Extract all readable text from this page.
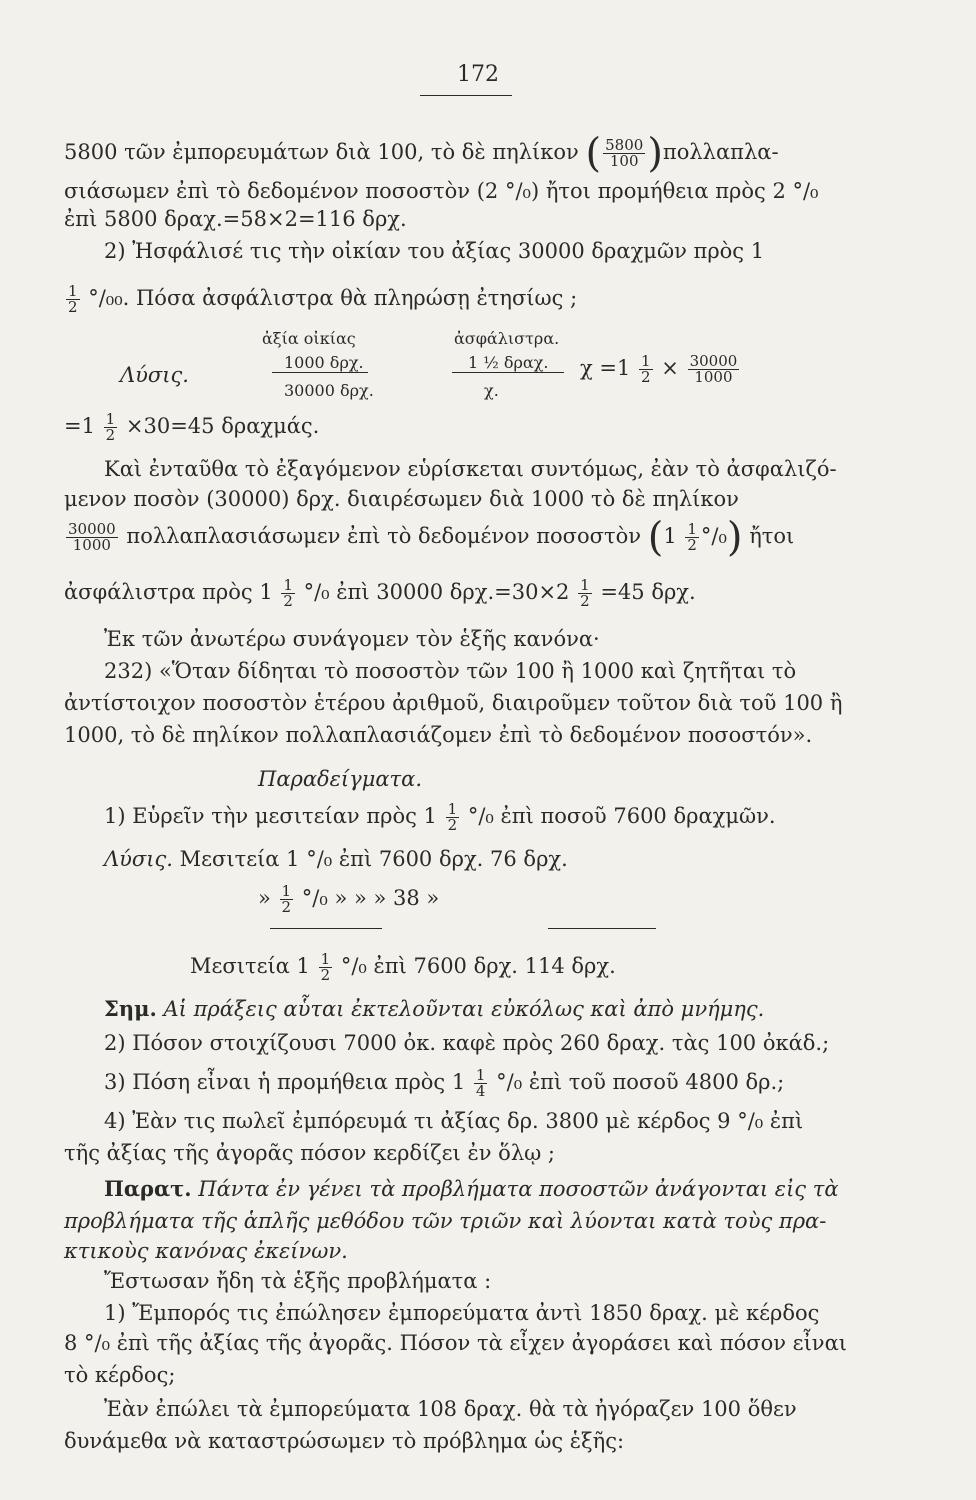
172
5800 τῶν ἐμπορευμάτων διὰ 100, τὸ δὲ πηλίκον ( $\frac{5800}{100} )\pi o\lambda\lambda\alpha\pi\lambda\alpha-$
σιάσωμεν ἐπὶ τὸ δεδομένον ποσοστὸν (2 °/₀) ἤτοι προμήθεια πρὸς 2 °/₀
ἐπὶ 5800 δραχ.=58×2=116 δρχ.
2) Ἠσφάλισέ τις τὴν οἰκίαν του ἀξίας 30000 δραχμῶν πρὸς 1
$\frac{1}{2} ^\circ/_{00}$. Πόσα ἀσφάλιστρα θὰ πληρώσῃ ἐτησίως ;
ἀξία οἰκίας	ἀσφάλιστρα.
1000 δρχ.	1 ½ δραχ.
Λύσις.
30000 δρχ.	χ.
$\chi =1 \frac{1}{2} \times \frac{30000}{1000}$
$=1 \frac{1}{2} \times 30=45$ δραχμάς.
Καὶ ἐνταῦθα τὸ ἐξαγόμενον εὑρίσκεται συντόμως, ἐὰν τὸ ἀσφαλιζό-
μενον ποσὸν (30000) δρχ. διαιρέσωμεν διὰ 1000 τὸ δὲ πηλίκον
$\frac{30000}{1000}$ πολλαπλασιάσωμεν ἐπὶ τὸ δεδομένον ποσοστὸν $(1 \frac{1}{2} ^\circ/_0)$ ἤτοι
ἀσφάλιστρα πρὸς $1 \frac{1}{2} ^\circ/_0$ ἐπὶ 30000 $\delta\rho\chi.=30\times 2 \frac{1}{2} =45$ δρχ.
Ἐκ τῶν ἀνωτέρω συνάγομεν τὸν ἑξῆς κανόνα·
232) «Ὅταν δίδηται τὸ ποσοστὸν τῶν 100 ἢ 1000 καὶ ζητῆται τὸ
ἀντίστοιχον ποσοστὸν ἑτέρου ἀριθμοῦ, διαιροῦμεν τοῦτον διὰ τοῦ 100 ἢ
1000, τὸ δὲ πηλίκον πολλαπλασιάζομεν ἐπὶ τὸ δεδομένον ποσοστόν».
Παραδείγματα.
1) Εὑρεῖν τὴν μεσιτείαν πρὸς $1 \frac{1}{2} ^\circ/_0$ ἐπὶ ποσοῦ 7600 δραχμῶν.
Λύσις. Μεσιτεία 1 °/₀ ἐπὶ 7600 δρχ. 76 δρχ.
» $\frac{1}{2} ^\circ/_0$ » » » 38 »
Μεσιτεία $1 \frac{1}{2} ^\circ/_0$ ἐπὶ 7600 δρχ. 114 δρχ.
Σημ. Αἱ πράξεις αὗται ἐκτελοῦνται εὐκόλως καὶ ἀπὸ μνήμης.
2) Πόσον στοιχίζουσι 7000 ὀκ. καφὲ πρὸς 260 δραχ. τὰς 100 ὀκάδ.;
3) Πόση εἶναι ἡ προμήθεια πρὸς $1 \frac{1}{4} ^\circ/_0$ ἐπὶ τοῦ ποσοῦ 4800 δρ.;
4) Ἐὰν τις πωλεῖ ἐμπόρευμά τι ἀξίας δρ. 3800 μὲ κέρδος 9 °/₀ ἐπὶ
τῆς ἀξίας τῆς ἀγορᾶς πόσον κερδίζει ἐν ὅλῳ ;
Παρατ. Πάντα ἐν γένει τὰ προβλήματα ποσοστῶν ἀνάγονται εἰς τὰ
προβλήματα τῆς ἁπλῆς μεθόδου τῶν τριῶν καὶ λύονται κατὰ τοὺς πρα-
κτικοὺς κανόνας ἐκείνων.
Ἔστωσαν ἤδη τὰ ἑξῆς προβλήματα :
1) Ἔμπορός τις ἐπώλησεν ἐμπορεύματα ἀντὶ 1850 δραχ. μὲ κέρδος
8 °/₀ ἐπὶ τῆς ἀξίας τῆς ἀγορᾶς. Πόσον τὰ εἶχεν ἀγοράσει καὶ πόσον εἶναι
τὸ κέρδος;
Ἐὰν ἐπώλει τὰ ἐμπορεύματα 108 δραχ. θὰ τὰ ἠγόραζεν 100 ὅθεν
δυνάμεθα νὰ καταστρώσωμεν τὸ πρόβλημα ὡς ἑξῆς:
